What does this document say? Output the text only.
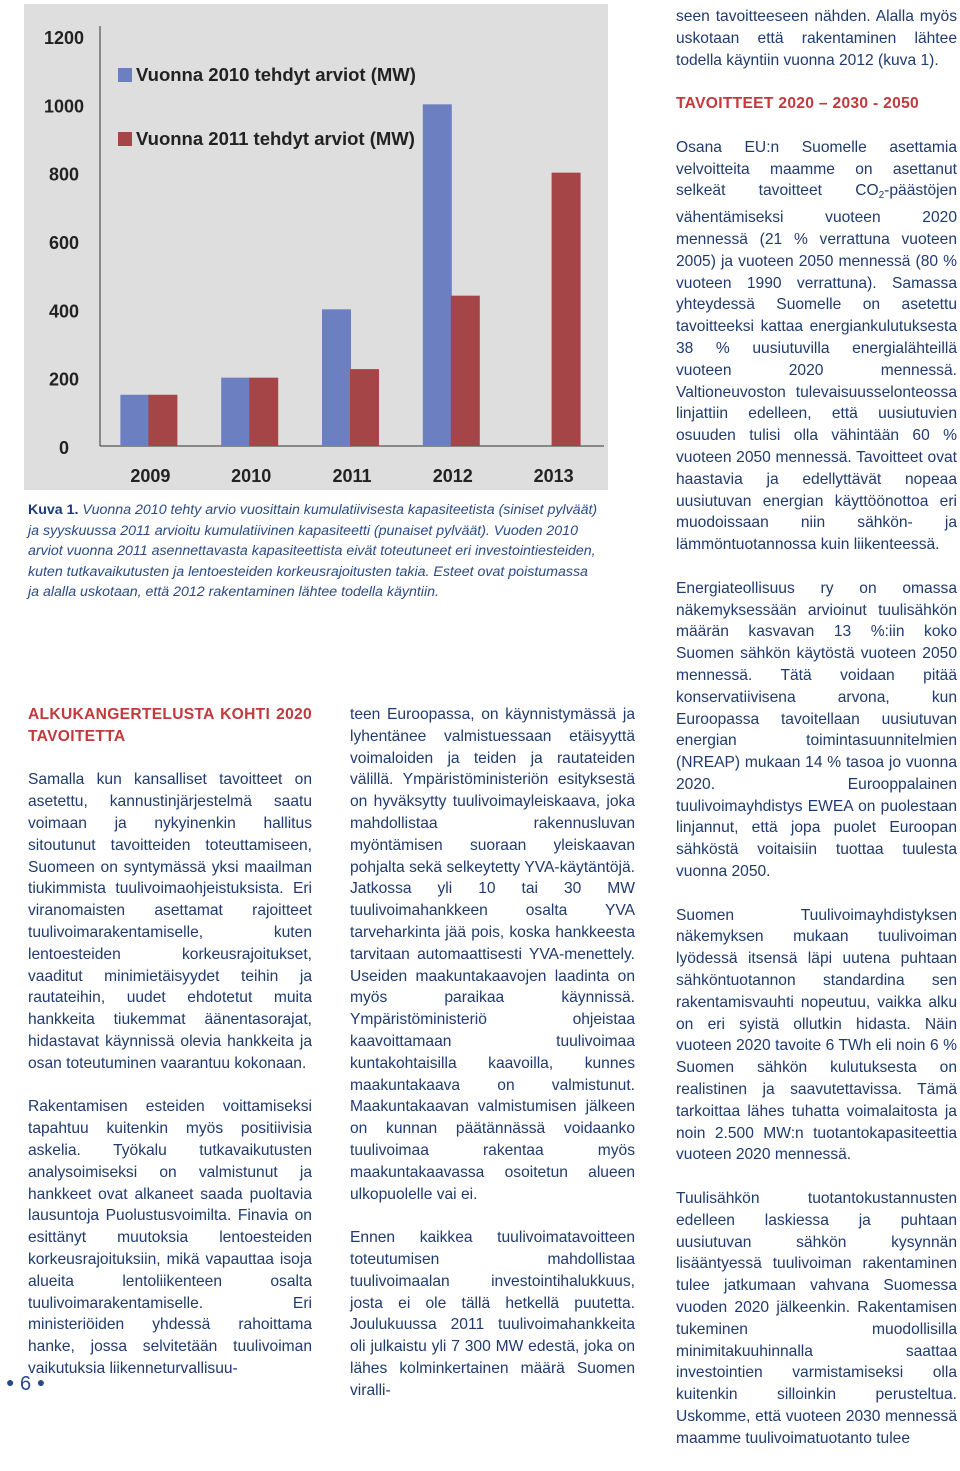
0
200
400
600
800
1000
1200
2009	2010	2011	2012	2013
Vuonna 2010 tehdyt arviot (MW)
Vuonna 2011 tehdyt arviot (MW)
Kuva 1. Vuonna 2010 tehty arvio vuosittain kumulatiivisesta kapasiteetista (siniset pylväät) ja syyskuussa 2011 arvioitu kumulatiivinen kapasiteetti (punaiset pylväät). Vuoden 2010 arviot vuonna 2011 asennettavasta kapasiteettista eivät toteutuneet eri investointiesteiden, kuten tutkavaikutusten ja lentoesteiden korkeusrajoitusten takia. Esteet ovat poistumassa ja alalla uskotaan, että 2012 rakentaminen lähtee todella käyntiin.

ALKUKANGERTELUSTA KOHTI 2020 TAVOITETTA

Samalla kun kansalliset tavoitteet on asetettu, kannustinjärjestelmä saatu voimaan ja nykyinenkin hallitus sitoutunut tavoitteiden toteuttamiseen, Suomeen on syntymässä yksi maailman tiukimmista tuulivoimaohjeistuksista. Eri viranomaisten asettamat rajoitteet tuulivoimarakentamiselle, kuten lentoesteiden korkeusrajoitukset, vaaditut minimietäisyydet teihin ja rautateihin, uudet ehdotetut muita hankkeita tiukemmat äänentasorajat, hidastavat käynnissä olevia hankkeita ja osan toteutuminen vaarantuu kokonaan.

Rakentamisen esteiden voittamiseksi tapahtuu kuitenkin myös positiivisia askelia. Työkalu tutkavaikutusten analysoimiseksi on valmistunut ja hankkeet ovat alkaneet saada puoltavia lausuntoja Puolustusvoimilta. Finavia on esittänyt muutoksia lentoesteiden korkeusrajoituksiin, mikä vapauttaa isoja alueita lentoliikenteen osalta tuulivoimarakentamiselle. Eri ministeriöiden yhdessä rahoittama hanke, jossa selvitetään tuulivoiman vaikutuksia liikenneturvallisuu-

teen Euroopassa, on käynnistymässä ja lyhentänee valmistuessaan etäisyyttä voimaloiden ja teiden ja rautateiden välillä. Ympäristöministeriön esityksestä on hyväksytty tuulivoimayleiskaava, joka mahdollistaa rakennusluvan myöntämisen suoraan yleiskaavan pohjalta sekä selkeytetty YVA-käytäntöjä. Jatkossa yli 10 tai 30 MW tuulivoimahankkeen osalta YVA tarveharkinta jää pois, koska hankkeesta tarvitaan automaattisesti YVA-menettely. Useiden maakuntakaavojen laadinta on myös paraikaa käynnissä. Ympäristöministeriö ohjeistaa kaavoittamaan tuulivoimaa kuntakohtaisilla kaavoilla, kunnes maakuntakaava on valmistunut. Maakuntakaavan valmistumisen jälkeen on kunnan päätännässä voidaanko tuulivoimaa rakentaa myös maakuntakaavassa osoitetun alueen ulkopuolelle vai ei.

Ennen kaikkea tuulivoimatavoitteen toteutumisen mahdollistaa tuulivoimaalan investointihalukkuus, josta ei ole tällä hetkellä puutetta. Joulukuussa 2011 tuulivoimahankkeita oli julkaistu yli 7 300 MW edestä, joka on lähes kolminkertainen määrä Suomen viralli-

seen tavoitteeseen nähden. Alalla myös uskotaan että rakentaminen lähtee todella käyntiin vuonna 2012 (kuva 1).

TAVOITTEET 2020 – 2030 - 2050

Osana EU:n Suomelle asettamia velvoitteita maamme on asettanut selkeät tavoitteet $CO_2$-päästöjen vähentämiseksi vuoteen 2020 mennessä (21 % verrattuna vuoteen 2005) ja vuoteen 2050 mennessä (80 % vuoteen 1990 verrattuna). Samassa yhteydessä Suomelle on asetettu tavoitteeksi kattaa energiankulutuksesta 38 % uusiutuvilla energialähteillä vuoteen 2020 mennessä. Valtioneuvoston tulevaisuusselonteossa linjattiin edelleen, että uusiutuvien osuuden tulisi olla vähintään 60 % vuoteen 2050 mennessä. Tavoitteet ovat haastavia ja edellyttävät nopeaa uusiutuvan energian käyttöönottoa eri muodoissaan niin sähkön- ja lämmöntuotannossa kuin liikenteessä.

Energiateollisuus ry on omassa näkemyksessään arvioinut tuulisähkön määrän kasvavan 13 %:iin koko Suomen sähkön käytöstä vuoteen 2050 mennessä. Tätä voidaan pitää konservatiivisena arvona, kun Euroopassa tavoitellaan uusiutuvan energian toimintasuunnitelmien (NREAP) mukaan 14 % tasoa jo vuonna 2020. Eurooppalainen tuulivoimayhdistys EWEA on puolestaan linjannut, että jopa puolet Euroopan sähköstä voitaisiin tuottaa tuulesta vuonna 2050.

Suomen Tuulivoimayhdistyksen näkemyksen mukaan tuulivoiman lyödessä itsensä läpi uutena puhtaan sähköntuotannon standardina sen rakentamisvauhti nopeutuu, vaikka alku on eri syistä ollutkin hidasta. Näin vuoteen 2020 tavoite 6 TWh eli noin 6 % Suomen sähkön kulutuksesta on realistinen ja saavutettavissa. Tämä tarkoittaa lähes tuhatta voimalaitosta ja noin 2.500 MW:n tuotantokapasiteettia vuoteen 2020 mennessä.

Tuulisähkön tuotantokustannusten edelleen laskiessa ja puhtaan uusiutuvan sähkön kysynnän lisääntyessä tuulivoiman rakentaminen tulee jatkumaan vahvana Suomessa vuoden 2020 jälkeenkin. Rakentamisen tukeminen muodollisilla minimitakuuhinnalla saattaa investointien varmistamiseksi olla kuitenkin silloinkin perusteltua. Uskomme, että vuoteen 2030 mennessä maamme tuulivoimatuotanto tulee

● 6 ●
